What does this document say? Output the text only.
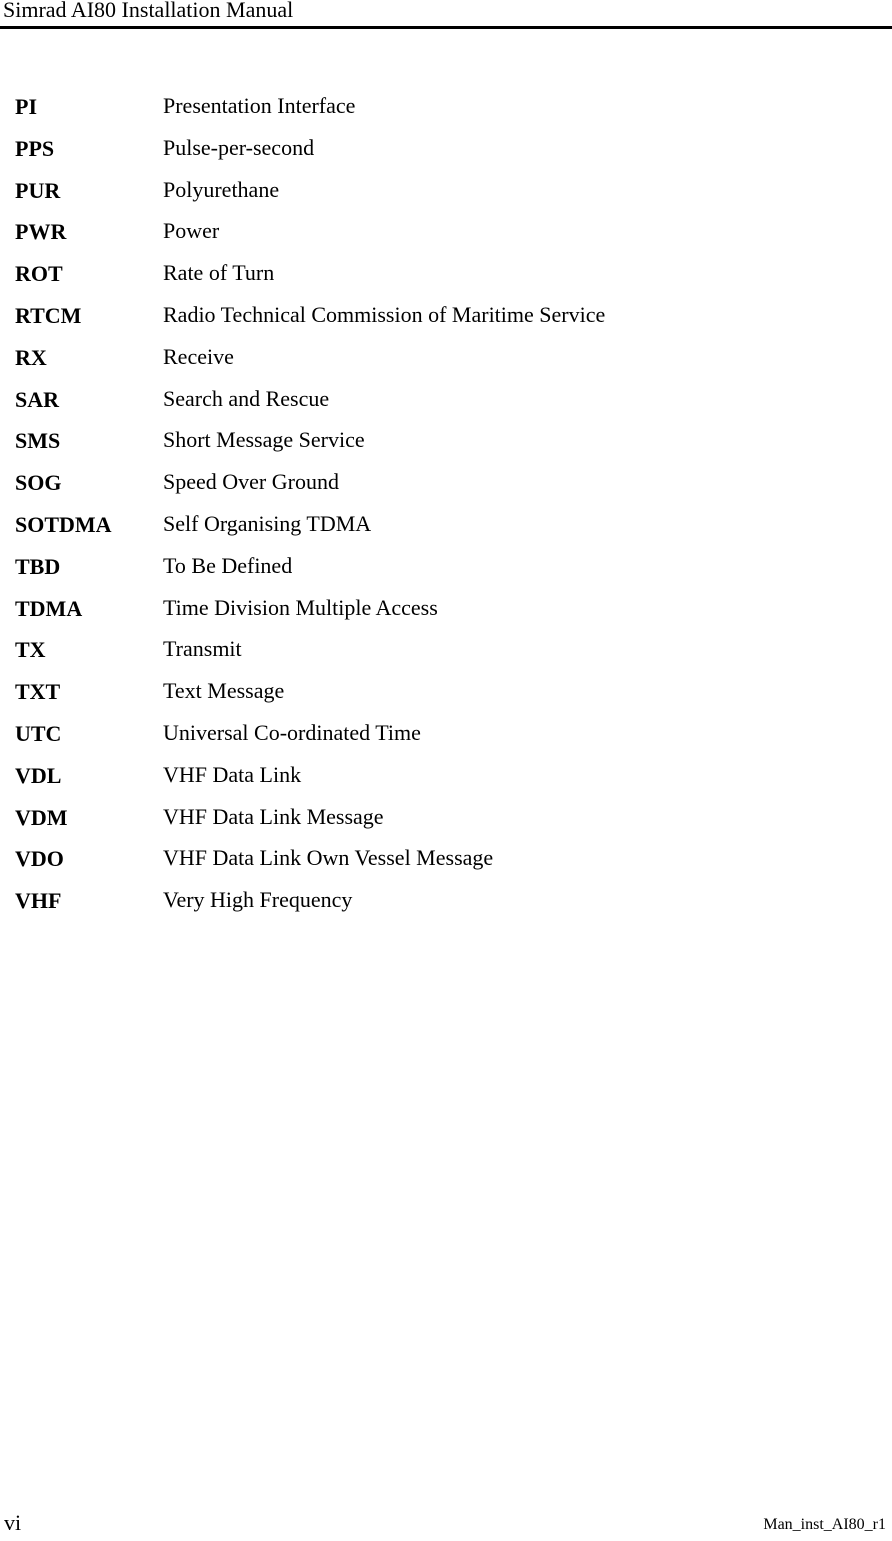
Simrad AI80 Installation Manual
PI	Presentation Interface
PPS	Pulse-per-second
PUR	Polyurethane
PWR	Power
ROT	Rate of Turn
RTCM	Radio Technical Commission of Maritime Service
RX	Receive
SAR	Search and Rescue
SMS	Short Message Service
SOG	Speed Over Ground
SOTDMA	Self Organising TDMA
TBD	To Be Defined
TDMA	Time Division Multiple Access
TX	Transmit
TXT	Text Message
UTC	Universal Co-ordinated Time
VDL	VHF Data Link
VDM	VHF Data Link Message
VDO	VHF Data Link Own Vessel Message
VHF	Very High Frequency
vi	Man_inst_AI80_r1
